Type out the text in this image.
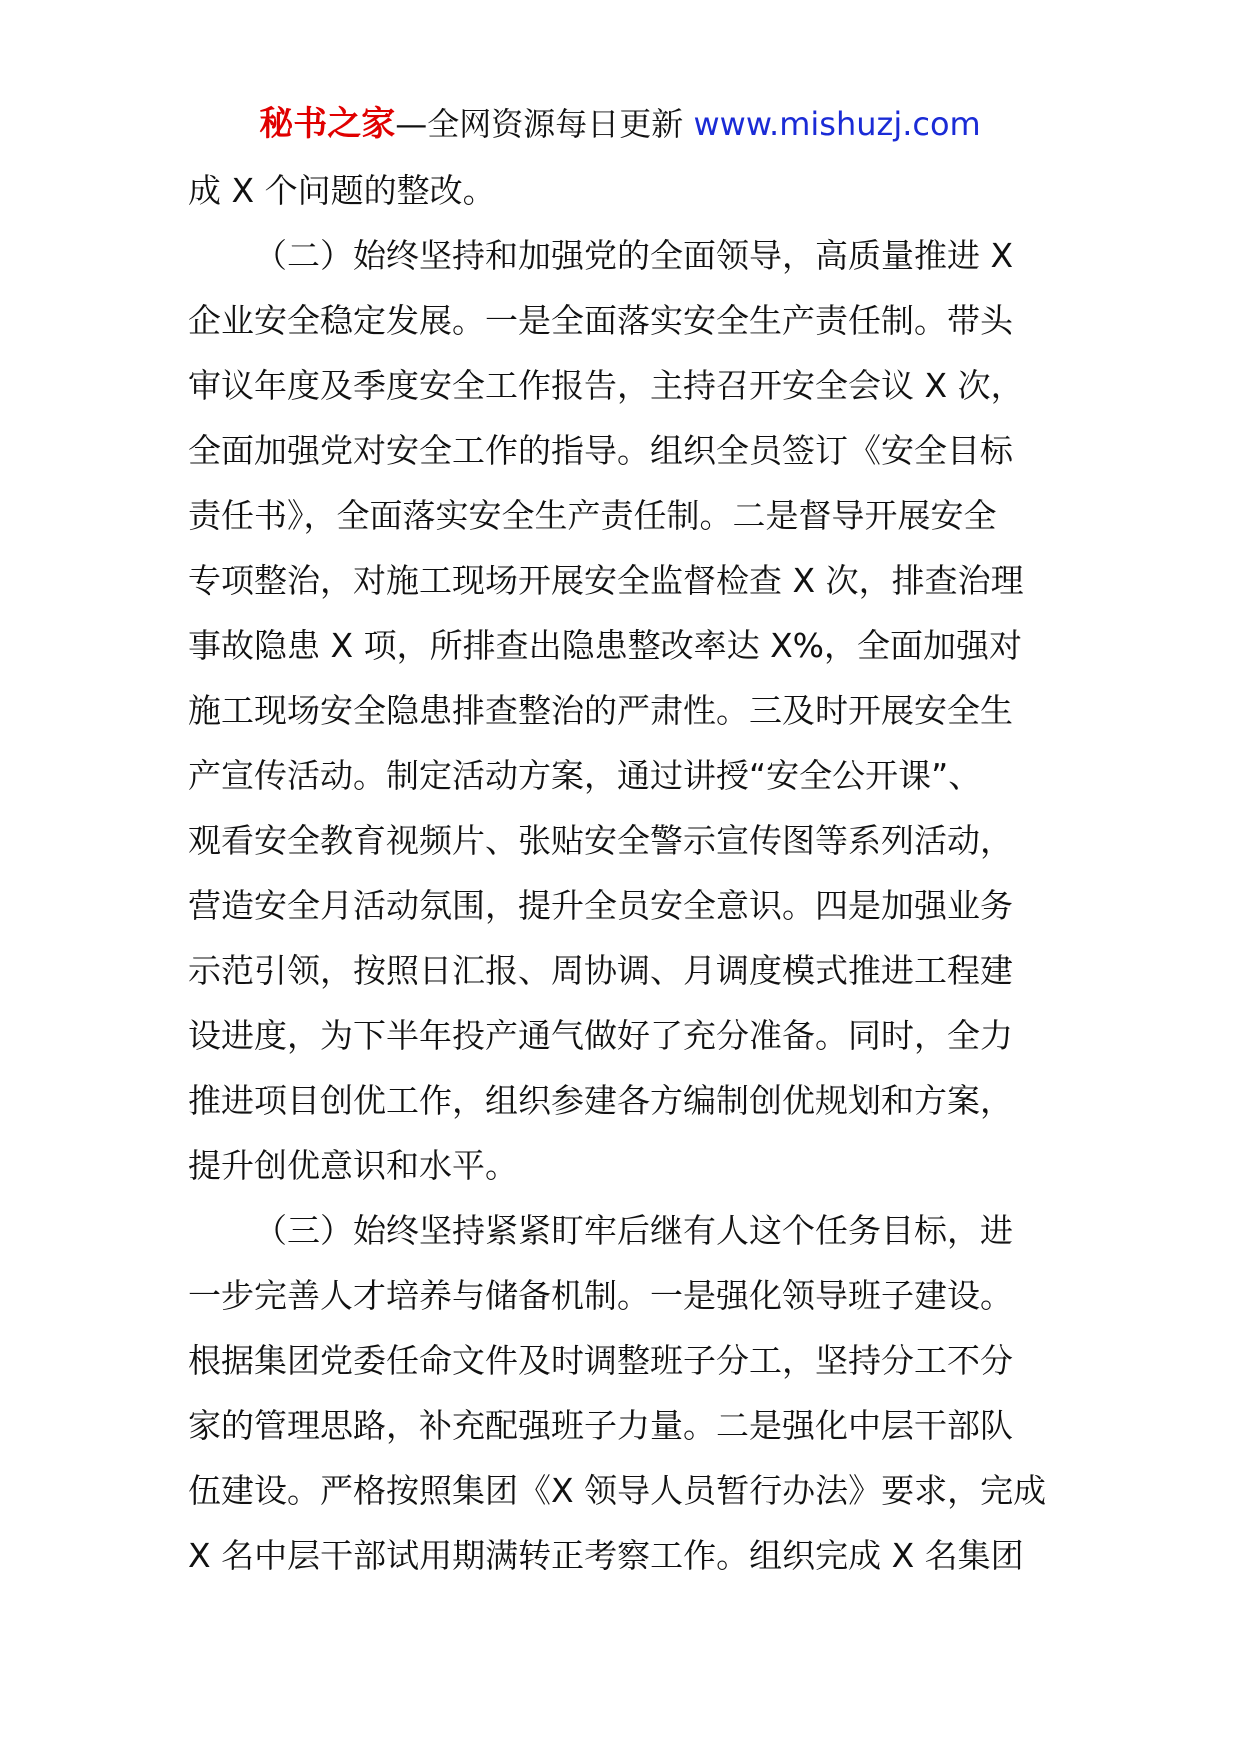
秘书之家—全网资源每日更新 www.mishuzj.com
成 X 个问题的整改。
（二）始终坚持和加强党的全面领导，高质量推进 X
企业安全稳定发展。一是全面落实安全生产责任制。带头
审议年度及季度安全工作报告，主持召开安全会议 X 次，
全面加强党对安全工作的指导。组织全员签订《安全目标
责任书》，全面落实安全生产责任制。二是督导开展安全
专项整治，对施工现场开展安全监督检查 X 次，排查治理
事故隐患 X 项，所排查出隐患整改率达 X%，全面加强对
施工现场安全隐患排查整治的严肃性。三及时开展安全生
产宣传活动。制定活动方案，通过讲授“安全公开课”、
观看安全教育视频片、张贴安全警示宣传图等系列活动，
营造安全月活动氛围，提升全员安全意识。四是加强业务
示范引领，按照日汇报、周协调、月调度模式推进工程建
设进度，为下半年投产通气做好了充分准备。同时，全力
推进项目创优工作，组织参建各方编制创优规划和方案，
提升创优意识和水平。
（三）始终坚持紧紧盯牢后继有人这个任务目标，进
一步完善人才培养与储备机制。一是强化领导班子建设。
根据集团党委任命文件及时调整班子分工，坚持分工不分
家的管理思路，补充配强班子力量。二是强化中层干部队
伍建设。严格按照集团《X 领导人员暂行办法》要求，完成
X 名中层干部试用期满转正考察工作。组织完成 X 名集团
